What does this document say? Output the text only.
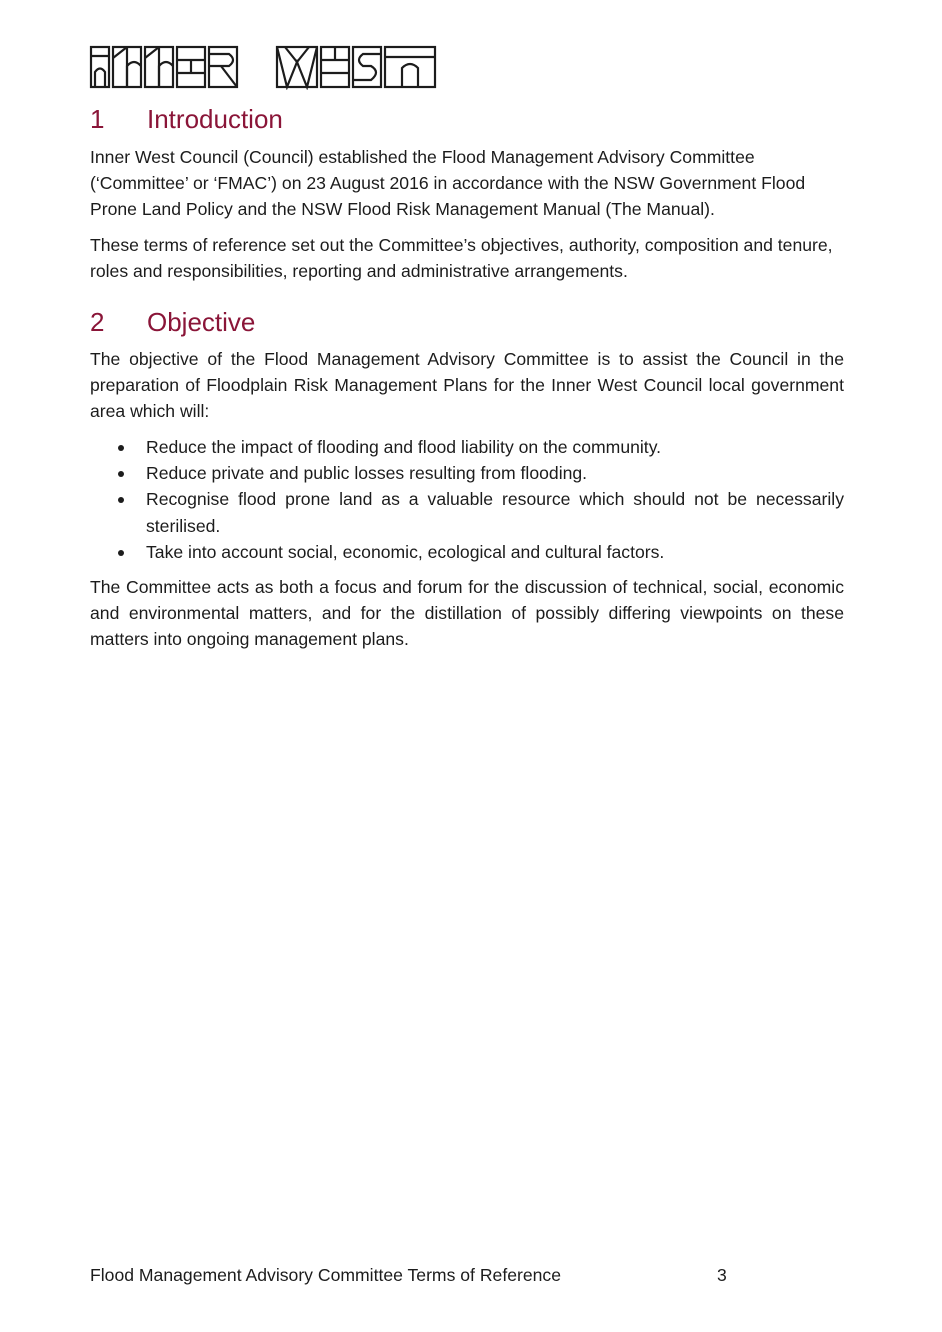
1 Introduction

Inner West Council (Council) established the Flood Management Advisory Committee (‘Committee’ or ‘FMAC’) on 23 August 2016 in accordance with the NSW Government Flood Prone Land Policy and the NSW Flood Risk Management Manual (The Manual).

These terms of reference set out the Committee’s objectives, authority, composition and tenure, roles and responsibilities, reporting and administrative arrangements.

2 Objective

The objective of the Flood Management Advisory Committee is to assist the Council in the preparation of Floodplain Risk Management Plans for the Inner West Council local government area which will:

Reduce the impact of flooding and flood liability on the community.
Reduce private and public losses resulting from flooding.
Recognise flood prone land as a valuable resource which should not be necessarily sterilised.
Take into account social, economic, ecological and cultural factors.

The Committee acts as both a focus and forum for the discussion of technical, social, economic and environmental matters, and for the distillation of possibly differing viewpoints on these matters into ongoing management plans.

Flood Management Advisory Committee Terms of Reference	3
